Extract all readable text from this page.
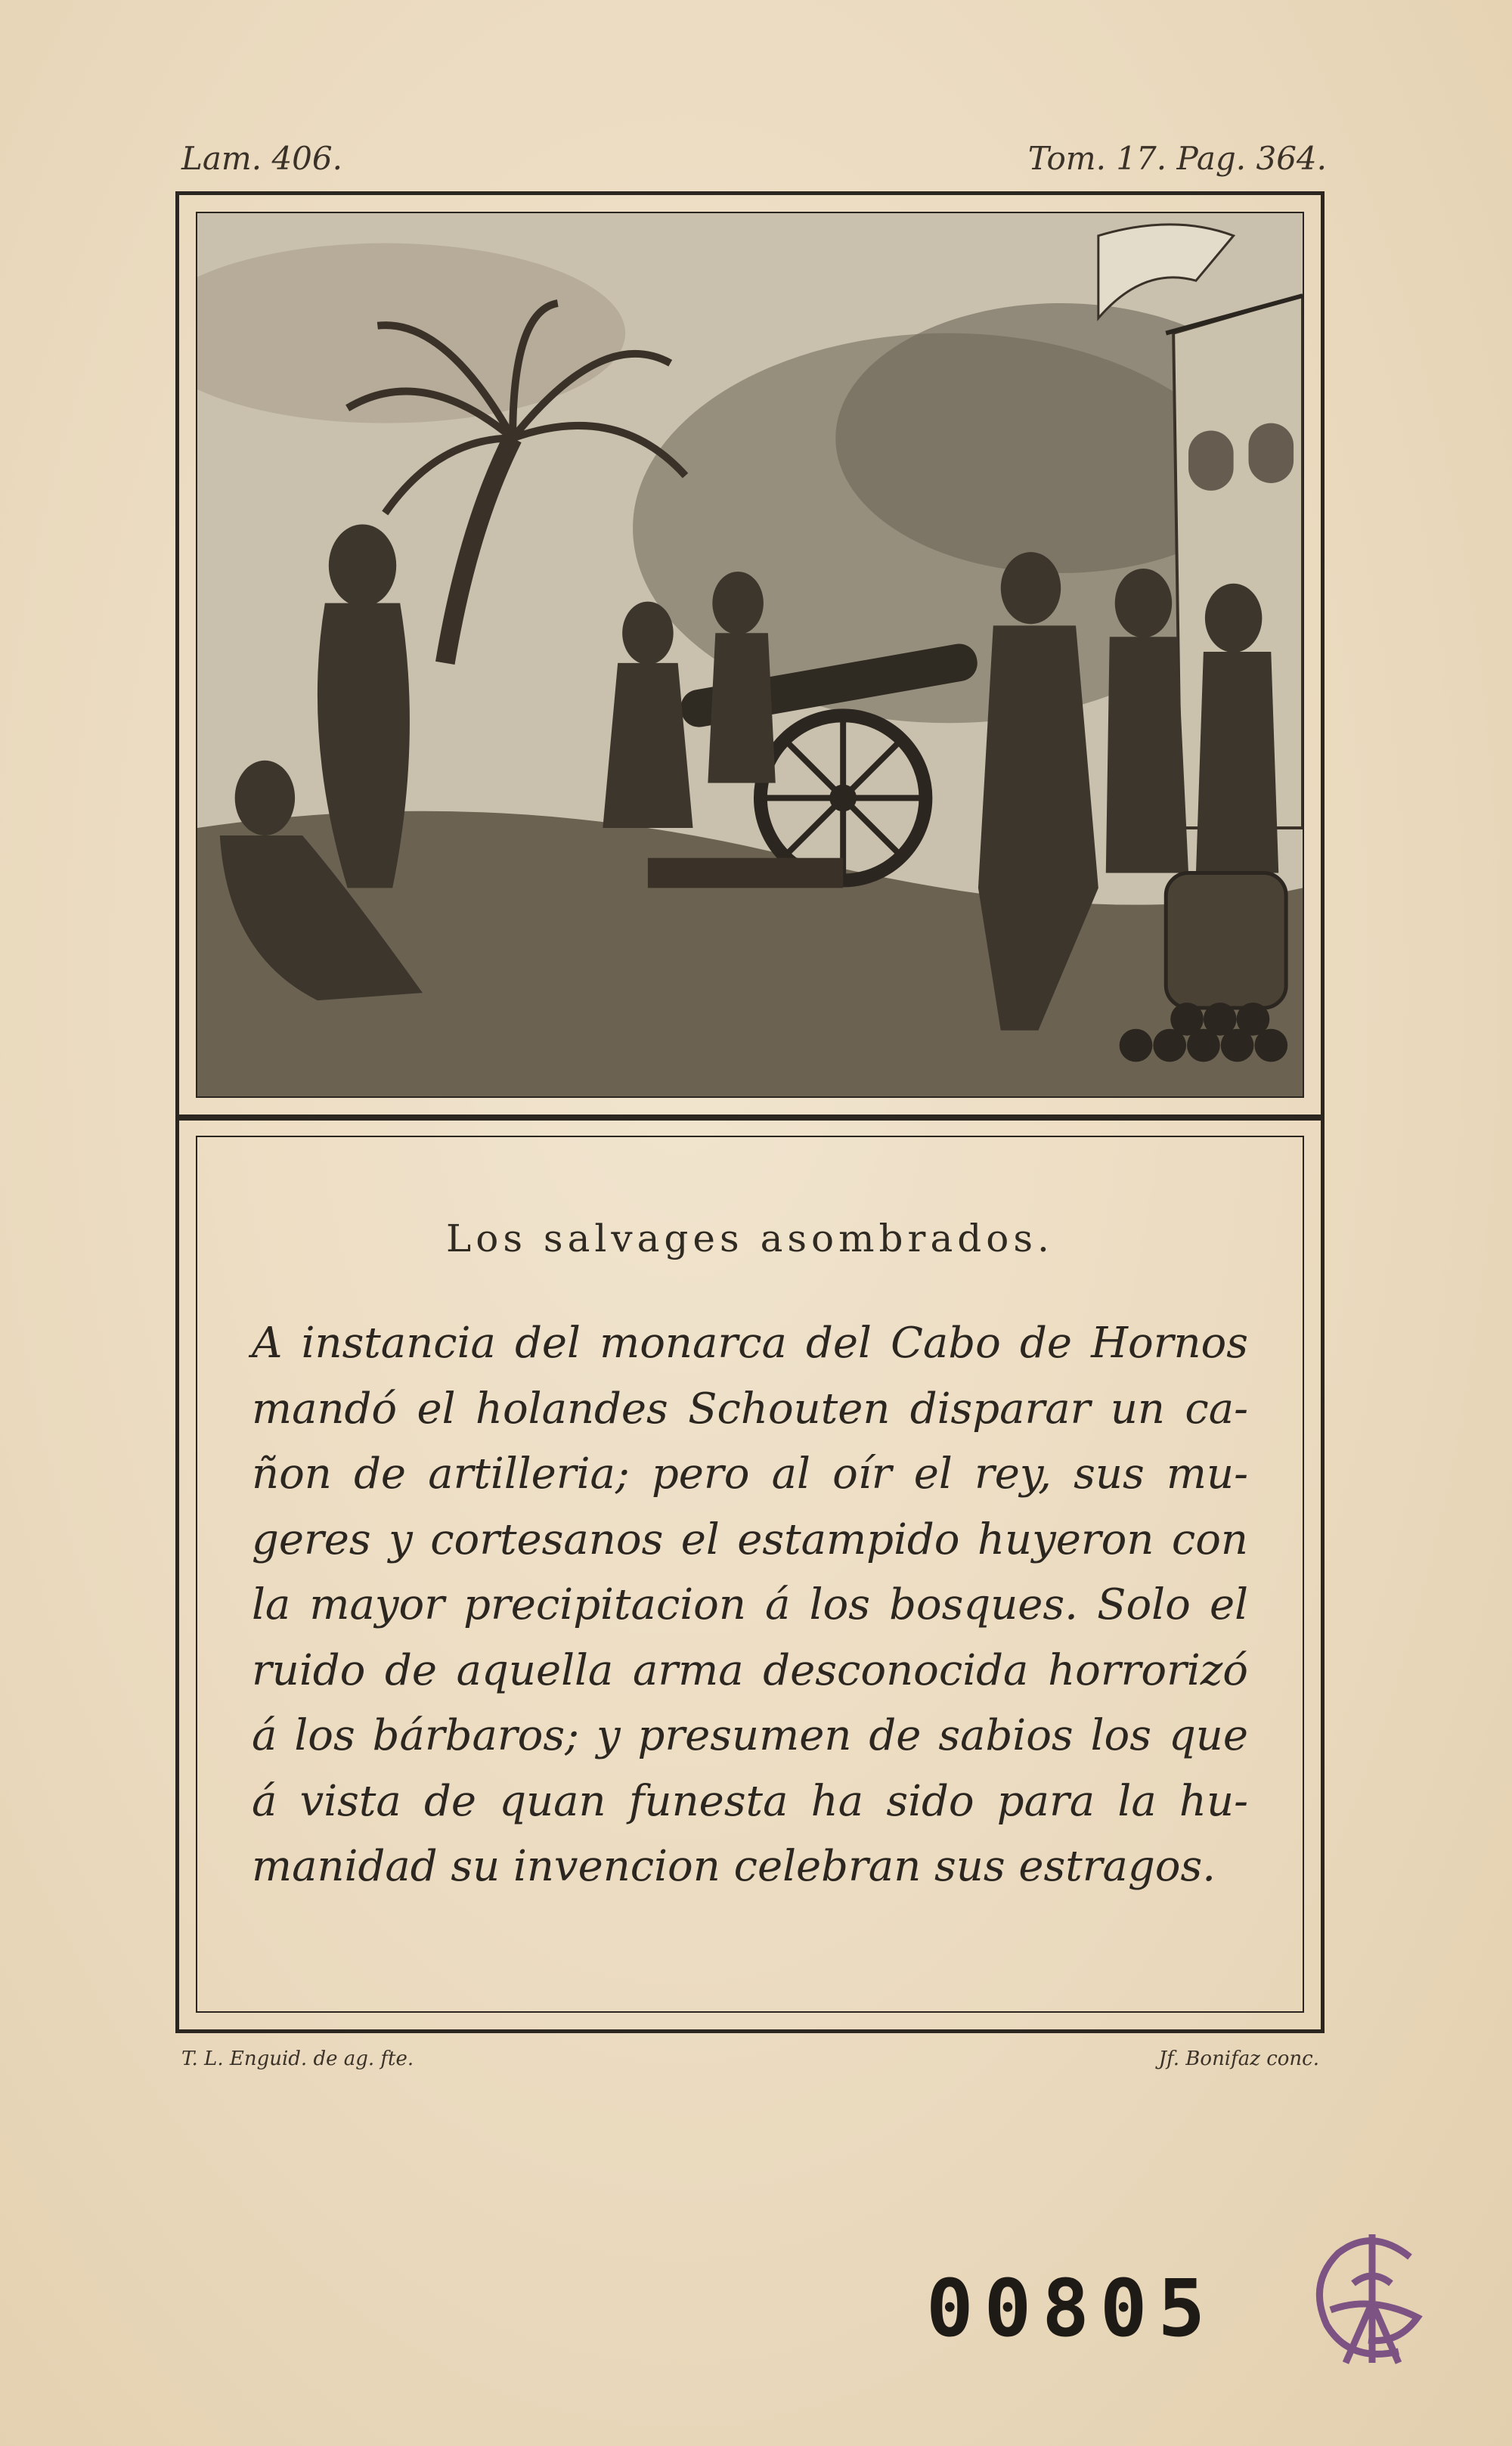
Lam. 406.	Tom. 17. Pag. 364.
Los salvages asombrados.
A instancia del monarca del Cabo de Hornos
mandó el holandes Schouten disparar un ca-
ñon de artilleria; pero al oír el rey, sus mu-
geres y cortesanos el estampido huyeron con
la mayor precipitacion á los bosques. Solo el
ruido de aquella arma desconocida horrorizó
á los bárbaros; y presumen de sabios los que
á vista de quan funesta ha sido para la hu-
manidad su invencion celebran sus estragos.
T. L. Enguid. de ag. fte.	Jf. Bonifaz conc.
00805
